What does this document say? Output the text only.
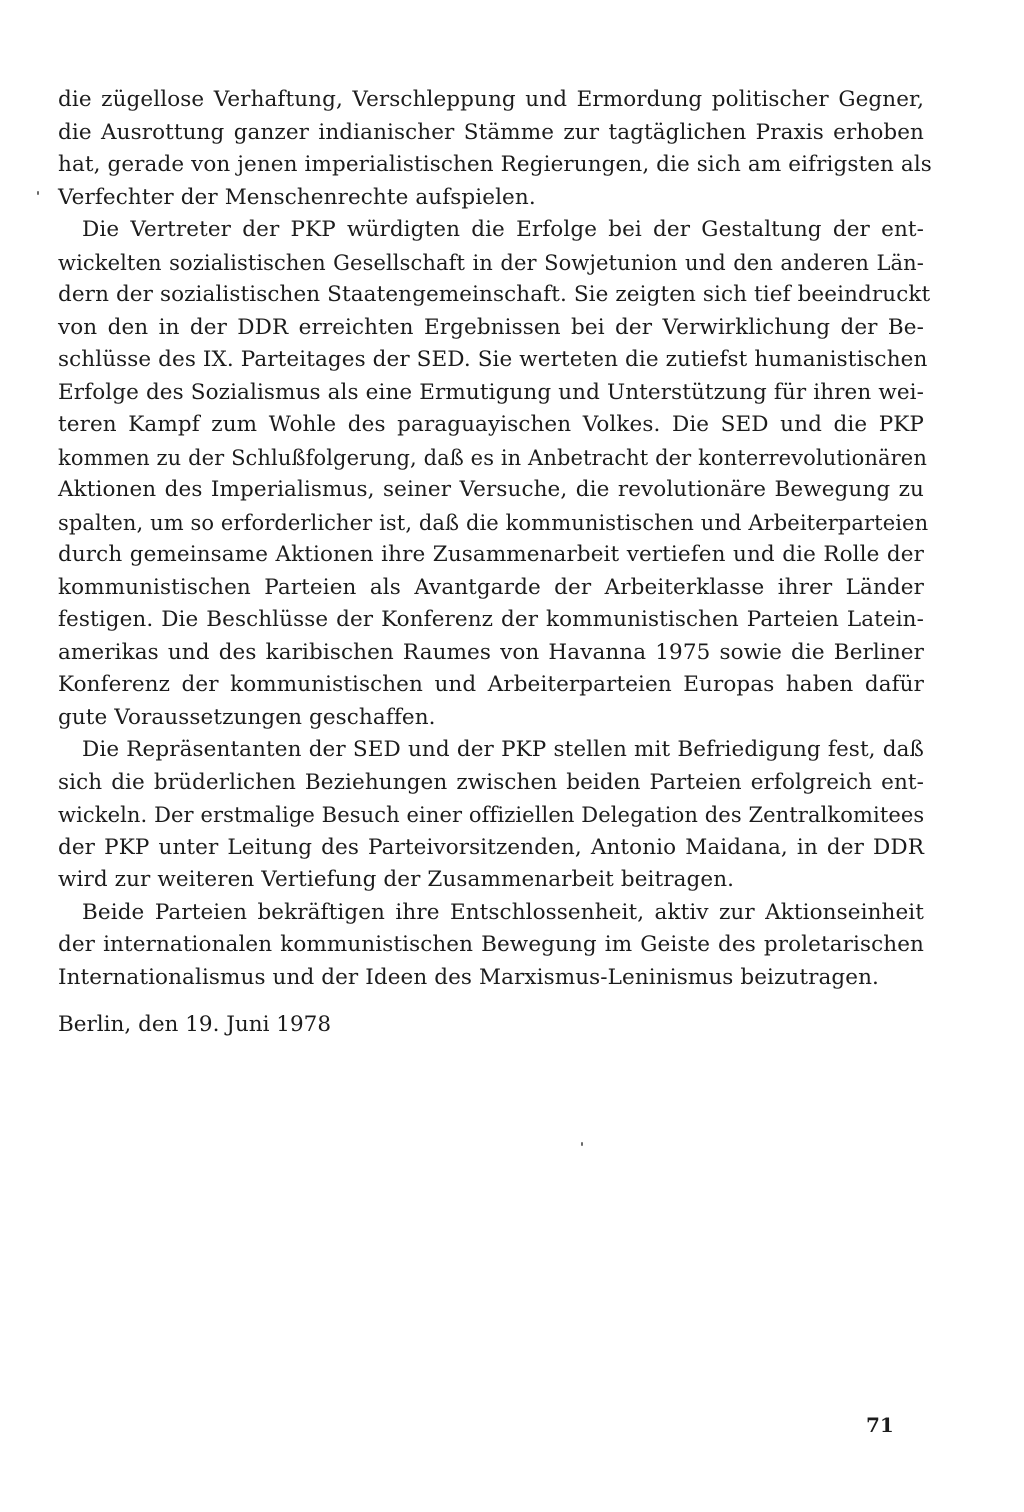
die zügellose Verhaftung, Verschleppung und Ermordung politischer Gegner,
die Ausrottung ganzer indianischer Stämme zur tagtäglichen Praxis erhoben
hat, gerade von jenen imperialistischen Regierungen, die sich am eifrigsten als
Verfechter der Menschenrechte aufspielen.
Die Vertreter der PKP würdigten die Erfolge bei der Gestaltung der ent-
wickelten sozialistischen Gesellschaft in der Sowjetunion und den anderen Län-
dern der sozialistischen Staatengemeinschaft. Sie zeigten sich tief beeindruckt
von den in der DDR erreichten Ergebnissen bei der Verwirklichung der Be-
schlüsse des IX. Parteitages der SED. Sie werteten die zutiefst humanistischen
Erfolge des Sozialismus als eine Ermutigung und Unterstützung für ihren wei-
teren Kampf zum Wohle des paraguayischen Volkes. Die SED und die PKP
kommen zu der Schlußfolgerung, daß es in Anbetracht der konterrevolutionären
Aktionen des Imperialismus, seiner Versuche, die revolutionäre Bewegung zu
spalten, um so erforderlicher ist, daß die kommunistischen und Arbeiterparteien
durch gemeinsame Aktionen ihre Zusammenarbeit vertiefen und die Rolle der
kommunistischen Parteien als Avantgarde der Arbeiterklasse ihrer Länder
festigen. Die Beschlüsse der Konferenz der kommunistischen Parteien Latein-
amerikas und des karibischen Raumes von Havanna 1975 sowie die Berliner
Konferenz der kommunistischen und Arbeiterparteien Europas haben dafür
gute Voraussetzungen geschaffen.
Die Repräsentanten der SED und der PKP stellen mit Befriedigung fest, daß
sich die brüderlichen Beziehungen zwischen beiden Parteien erfolgreich ent-
wickeln. Der erstmalige Besuch einer offiziellen Delegation des Zentralkomitees
der PKP unter Leitung des Parteivorsitzenden, Antonio Maidana, in der DDR
wird zur weiteren Vertiefung der Zusammenarbeit beitragen.
Beide Parteien bekräftigen ihre Entschlossenheit, aktiv zur Aktionseinheit
der internationalen kommunistischen Bewegung im Geiste des proletarischen
Internationalismus und der Ideen des Marxismus-Leninismus beizutragen.
Berlin, den 19. Juni 1978
71
